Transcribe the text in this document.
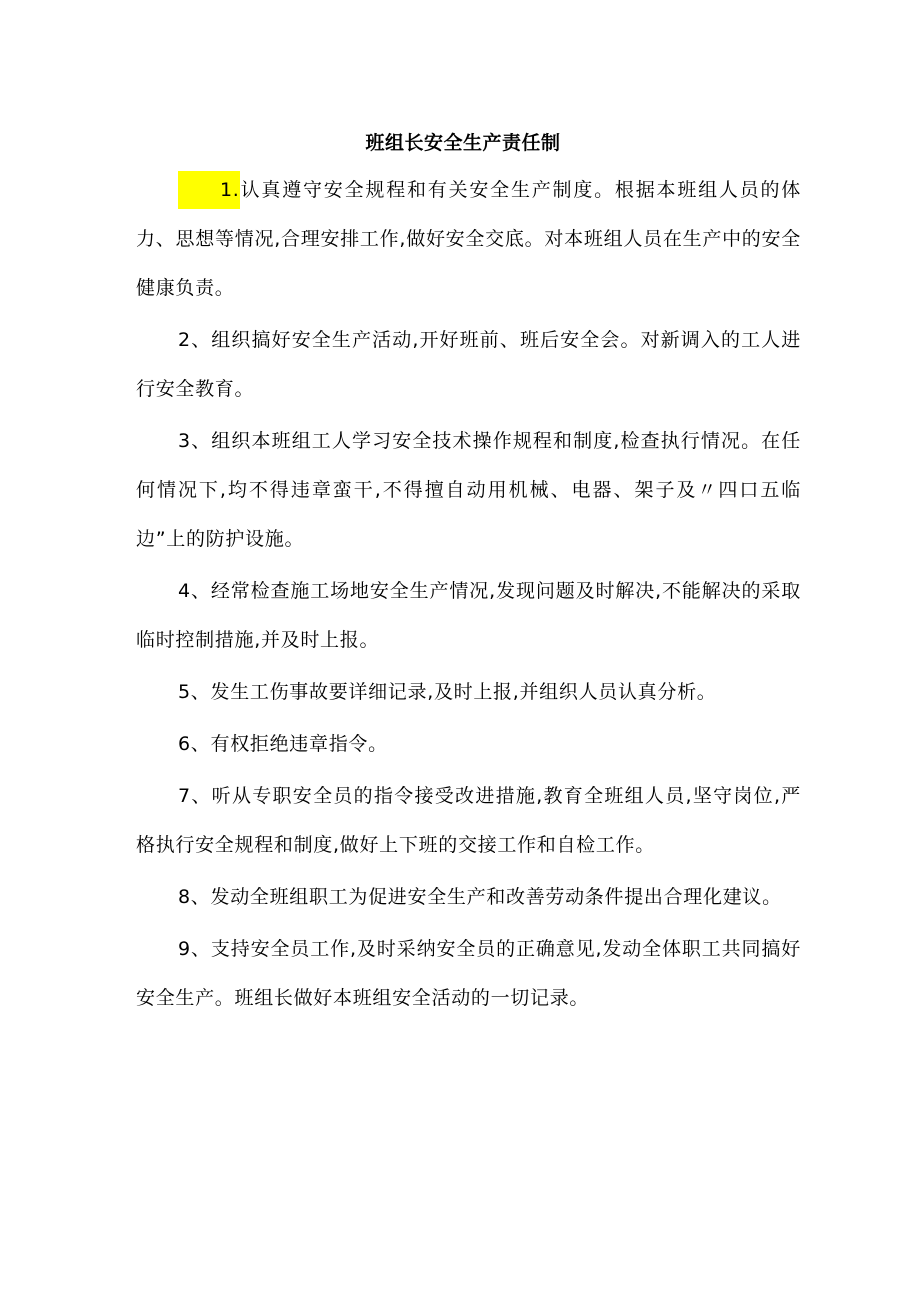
班组长安全生产责任制

1.认真遵守安全规程和有关安全生产制度。根据本班组人员的体力、思想等情况,合理安排工作,做好安全交底。对本班组人员在生产中的安全健康负责。

2、组织搞好安全生产活动,开好班前、班后安全会。对新调入的工人进行安全教育。

3、组织本班组工人学习安全技术操作规程和制度,检查执行情况。在任何情况下,均不得违章蛮干,不得擅自动用机械、电器、架子及〃四口五临边”上的防护设施。

4、经常检查施工场地安全生产情况,发现问题及时解决,不能解决的采取临时控制措施,并及时上报。

5、发生工伤事故要详细记录,及时上报,并组织人员认真分析。

6、有权拒绝违章指令。

7、听从专职安全员的指令接受改进措施,教育全班组人员,坚守岗位,严格执行安全规程和制度,做好上下班的交接工作和自检工作。

8、发动全班组职工为促进安全生产和改善劳动条件提出合理化建议。

9、支持安全员工作,及时采纳安全员的正确意见,发动全体职工共同搞好安全生产。班组长做好本班组安全活动的一切记录。
